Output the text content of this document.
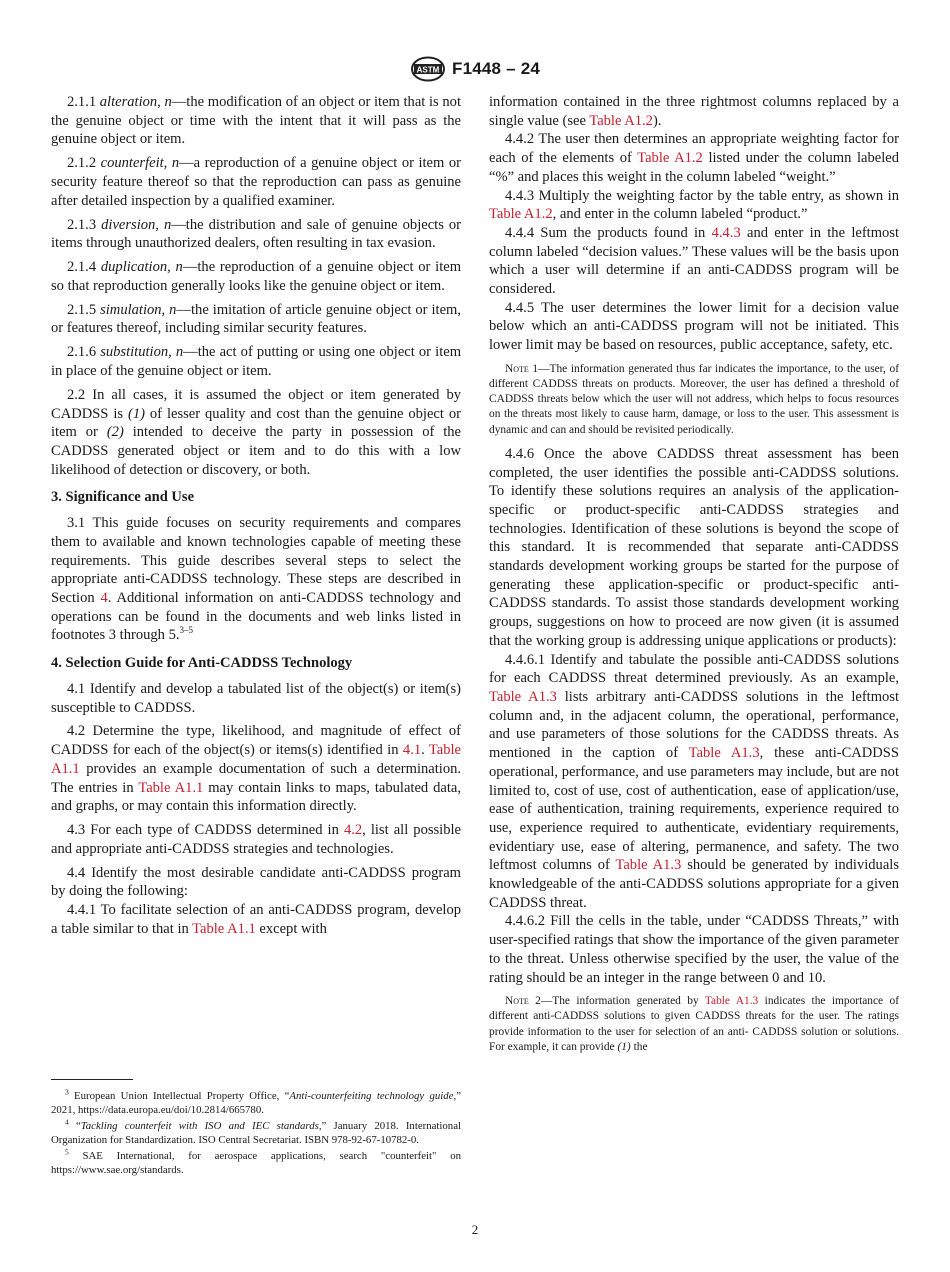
ASTM F1448 – 24

2.1.1 alteration, n—the modification of an object or item that is not the genuine object or time with the intent that it will pass as the genuine object or item.

2.1.2 counterfeit, n—a reproduction of a genuine object or item or security feature thereof so that the reproduction can pass as genuine after detailed inspection by a qualified examiner.

2.1.3 diversion, n—the distribution and sale of genuine objects or items through unauthorized dealers, often resulting in tax evasion.

2.1.4 duplication, n—the reproduction of a genuine object or item so that reproduction generally looks like the genuine object or item.

2.1.5 simulation, n—the imitation of article genuine object or item, or features thereof, including similar security features.

2.1.6 substitution, n—the act of putting or using one object or item in place of the genuine object or item.

2.2 In all cases, it is assumed the object or item generated by CADDSS is (1) of lesser quality and cost than the genuine object or item or (2) intended to deceive the party in possession of the CADDSS generated object or item and to do this with a low likelihood of detection or discovery, or both.

3. Significance and Use

3.1 This guide focuses on security requirements and compares them to available and known technologies capable of meeting these requirements. This guide describes several steps to select the appropriate anti-CADDSS technology. These steps are described in Section 4. Additional information on anti-CADDSS technology and operations can be found in the documents and web links listed in footnotes 3 through 5.$^{3-5}$

4. Selection Guide for Anti-CADDSS Technology

4.1 Identify and develop a tabulated list of the object(s) or item(s) susceptible to CADDSS.

4.2 Determine the type, likelihood, and magnitude of effect of CADDSS for each of the object(s) or items(s) identified in 4.1. Table A1.1 provides an example documentation of such a determination. The entries in Table A1.1 may contain links to maps, tabulated data, and graphs, or may contain this information directly.

4.3 For each type of CADDSS determined in 4.2, list all possible and appropriate anti-CADDSS strategies and technologies.

4.4 Identify the most desirable candidate anti-CADDSS program by doing the following:

4.4.1 To facilitate selection of an anti-CADDSS program, develop a table similar to that in Table A1.1 except with

$^3$ European Union Intellectual Property Office, “Anti-counterfeiting technology guide,” 2021, https://data.europa.eu/doi/10.2814/665780.

$^4$ “Tackling counterfeit with ISO and IEC standards,” January 2018. International Organization for Standardization. ISO Central Secretariat. ISBN 978-92-67-10782-0.

$^5$ SAE International, for aerospace applications, search "counterfeit" on https://www.sae.org/standards.

information contained in the three rightmost columns replaced by a single value (see Table A1.2).

4.4.2 The user then determines an appropriate weighting factor for each of the elements of Table A1.2 listed under the column labeled “%” and places this weight in the column labeled “weight.”

4.4.3 Multiply the weighting factor by the table entry, as shown in Table A1.2, and enter in the column labeled “product.”

4.4.4 Sum the products found in 4.4.3 and enter in the leftmost column labeled “decision values.” These values will be the basis upon which a user will determine if an anti-CADDSS program will be considered.

4.4.5 The user determines the lower limit for a decision value below which an anti-CADDSS program will not be initiated. This lower limit may be based on resources, public acceptance, safety, etc.

Note 1—The information generated thus far indicates the importance, to the user, of different CADDSS threats on products. Moreover, the user has defined a threshold of CADDSS threats below which the user will not address, which helps to focus resources on the threats most likely to cause harm, damage, or loss to the user. This assessment is dynamic and can and should be revisited periodically.

4.4.6 Once the above CADDSS threat assessment has been completed, the user identifies the possible anti-CADDSS solutions. To identify these solutions requires an analysis of the application-specific or product-specific anti-CADDSS strategies and technologies. Identification of these solutions is beyond the scope of this standard. It is recommended that separate anti-CADDSS standards development working groups be started for the purpose of generating these application-specific or product-specific anti-CADDSS standards. To assist those standards development working groups, suggestions on how to proceed are now given (it is assumed that the working group is addressing unique applications or products):

4.4.6.1 Identify and tabulate the possible anti-CADDSS solutions for each CADDSS threat determined previously. As an example, Table A1.3 lists arbitrary anti-CADDSS solutions in the leftmost column and, in the adjacent column, the operational, performance, and use parameters of those solutions for the CADDSS threats. As mentioned in the caption of Table A1.3, these anti-CADDSS operational, performance, and use parameters may include, but are not limited to, cost of use, cost of authentication, ease of application/use, ease of authentication, training requirements, experience required to use, experience required to authenticate, evidentiary requirements, evidentiary use, ease of altering, permanence, and safety. The two leftmost columns of Table A1.3 should be generated by individuals knowledgeable of the anti-CADDSS solutions appropriate for a given CADDSS threat.

4.4.6.2 Fill the cells in the table, under “CADDSS Threats,” with user-specified ratings that show the importance of the given parameter to the threat. Unless otherwise specified by the user, the value of the rating should be an integer in the range between 0 and 10.

Note 2—The information generated by Table A1.3 indicates the importance of different anti-CADDSS solutions to given CADDSS threats for the user. The ratings provide information to the user for selection of an anti- CADDSS solution or solutions. For example, it can provide (1) the

2
